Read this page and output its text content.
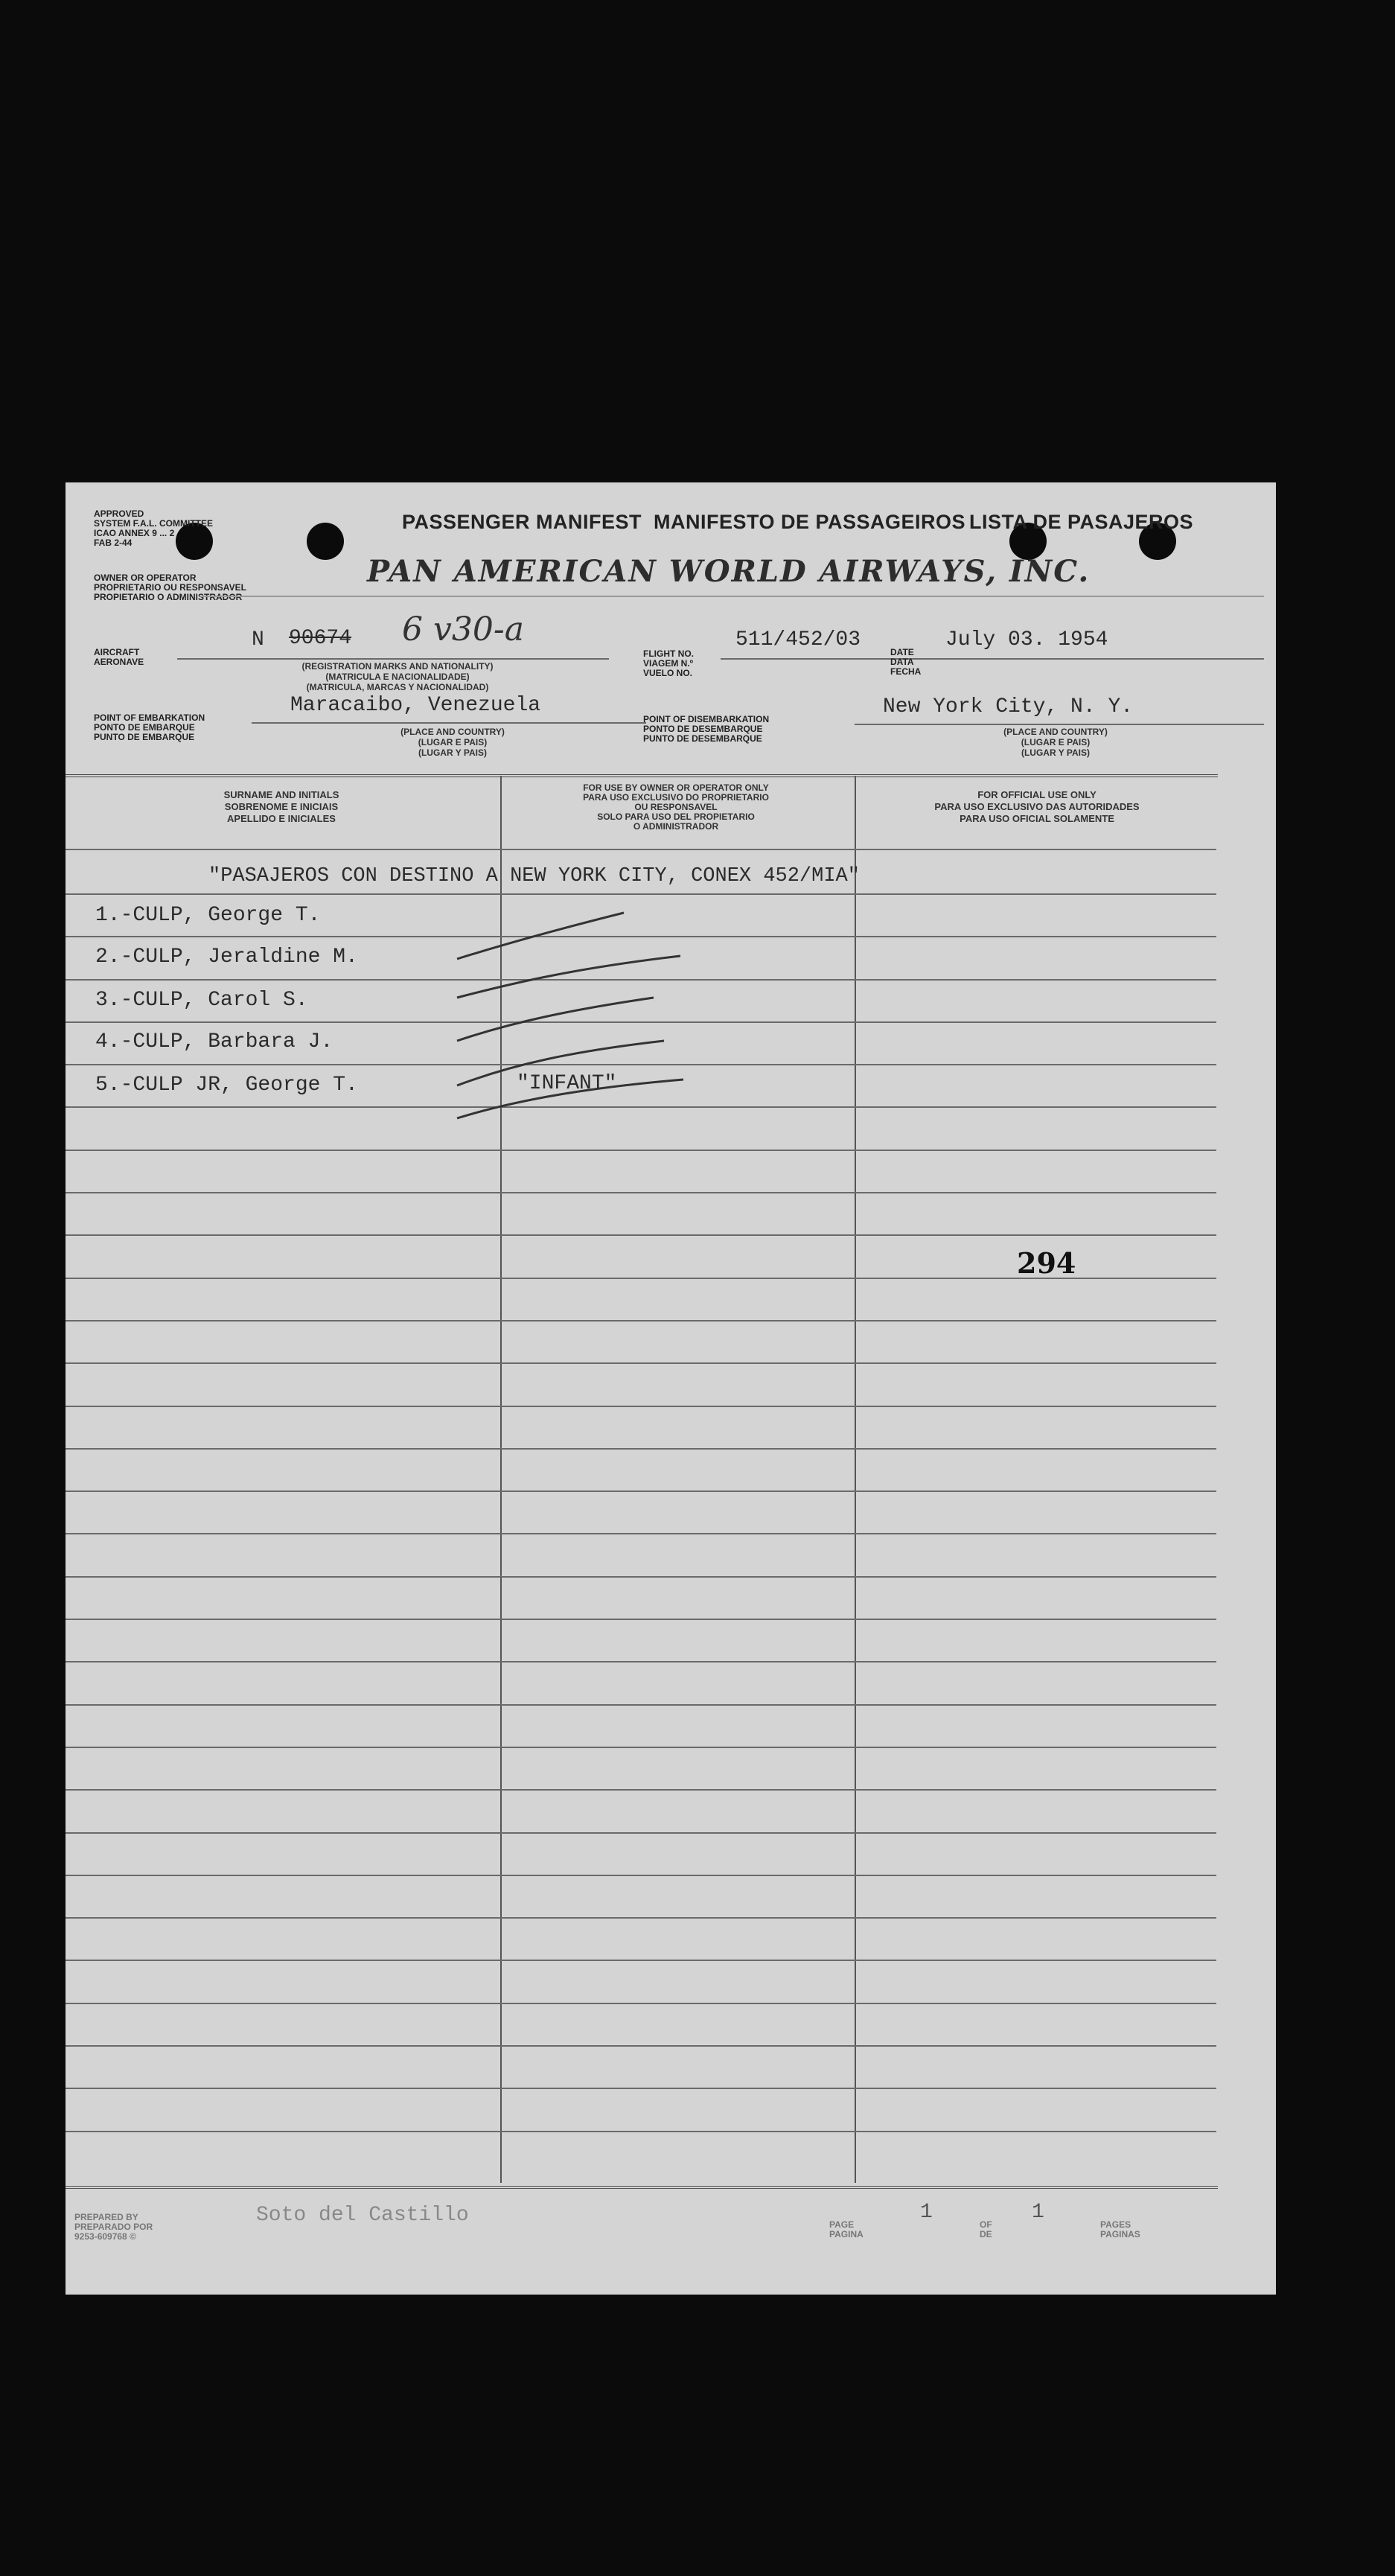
APPROVED
SYSTEM F.A.L. COMMITTEE
ICAO ANNEX 9 ... 2
FAB 2-44
PASSENGER MANIFEST MANIFESTO DE PASSAGEIROS LISTA DE PASAJEROS
OWNER OR OPERATOR
PROPRIETARIO OU RESPONSAVEL
PROPIETARIO O ADMINISTRADOR
PAN AMERICAN WORLD AIRWAYS, INC.
AIRCRAFT
AERONAVE
N 90674 6 v30-a
(REGISTRATION MARKS AND NATIONALITY)
(MATRICULA E NACIONALIDADE)
(MATRICULA, MARCAS Y NACIONALIDAD)
FLIGHT NO.
VIAGEM N.º
VUELO NO.
511/452/03
DATE
DATA
FECHA
July 03. 1954
POINT OF EMBARKATION
PONTO DE EMBARQUE
PUNTO DE EMBARQUE
Maracaibo, Venezuela
(PLACE AND COUNTRY)
(LUGAR E PAIS)
(LUGAR Y PAIS)
POINT OF DISEMBARKATION
PONTO DE DESEMBARQUE
PUNTO DE DESEMBARQUE
New York City, N. Y.
(PLACE AND COUNTRY)
(LUGAR E PAIS)
(LUGAR Y PAIS)
SURNAME AND INITIALS
SOBRENOME E INICIAIS
APELLIDO E INICIALES
FOR USE BY OWNER OR OPERATOR ONLY
PARA USO EXCLUSIVO DO PROPRIETARIO
OU RESPONSAVEL
SOLO PARA USO DEL PROPIETARIO
O ADMINISTRADOR
FOR OFFICIAL USE ONLY
PARA USO EXCLUSIVO DAS AUTORIDADES
PARA USO OFICIAL SOLAMENTE
"PASAJEROS CON DESTINO A NEW YORK CITY, CONEX 452/MIA"
1.-CULP, George T.
2.-CULP, Jeraldine M.
3.-CULP, Carol S.
4.-CULP, Barbara J.
5.-CULP JR, George T.	"INFANT"
294
PREPARED BY
PREPARADO POR
9253-609768 ©
Soto del Castillo	PAGE
PAGINA
1
OF
DE
1
PAGES
PAGINAS
